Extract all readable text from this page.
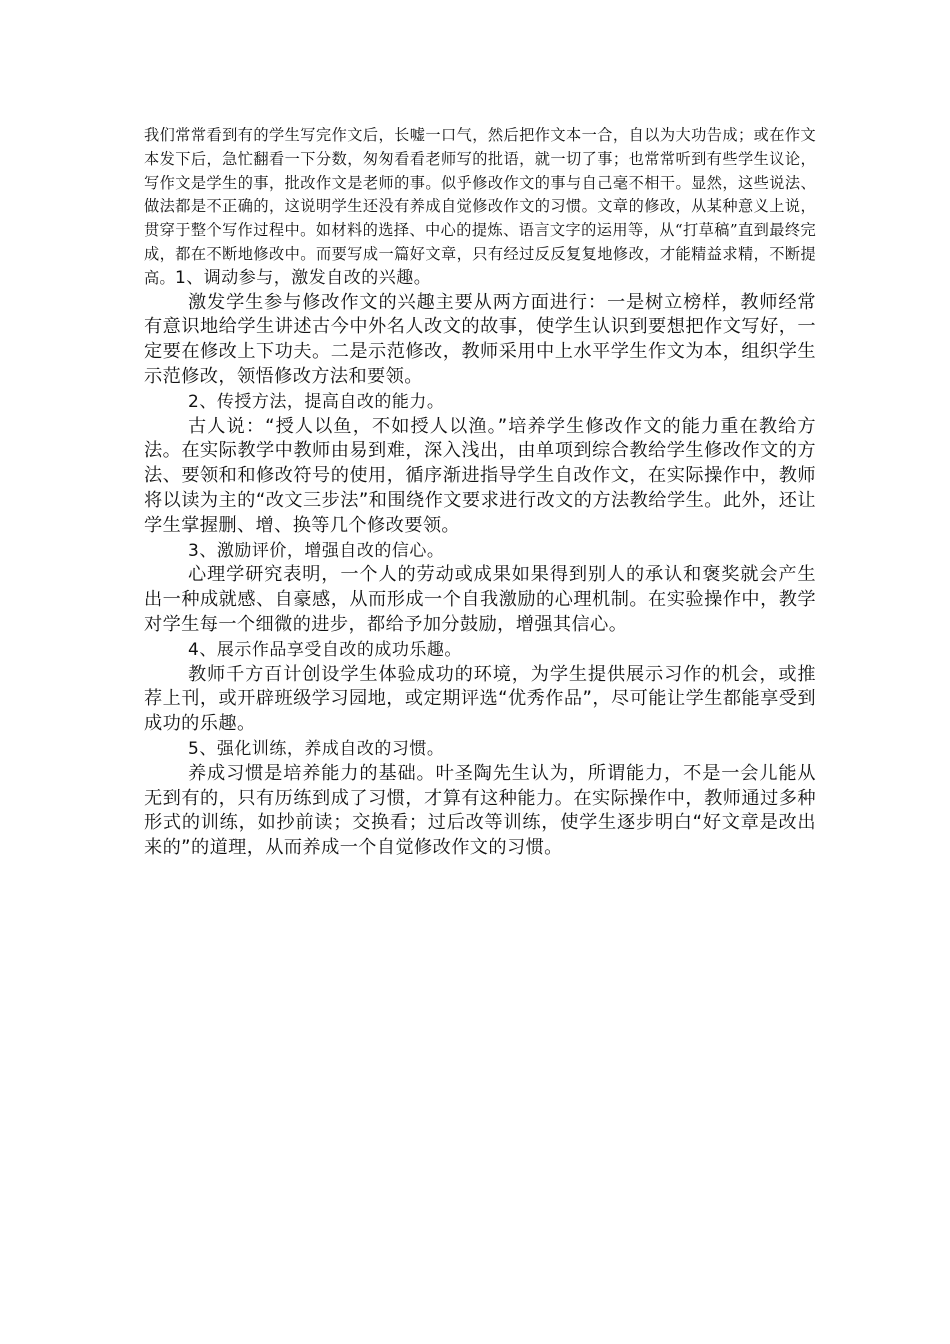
我们常常看到有的学生写完作文后，长嘘一口气，然后把作文本一合，自以为大功告成；或在作文本发下后，急忙翻看一下分数，匆匆看看老师写的批语，就一切了事；也常常听到有些学生议论，写作文是学生的事，批改作文是老师的事。似乎修改作文的事与自己毫不相干。显然，这些说法、做法都是不正确的，这说明学生还没有养成自觉修改作文的习惯。文章的修改，从某种意义上说，贯穿于整个写作过程中。如材料的选择、中心的提炼、语言文字的运用等，从“打草稿”直到最终完成，都在不断地修改中。而要写成一篇好文章，只有经过反反复复地修改，才能精益求精，不断提高。1、调动参与，激发自改的兴趣。

激发学生参与修改作文的兴趣主要从两方面进行：一是树立榜样，教师经常有意识地给学生讲述古今中外名人改文的故事，使学生认识到要想把作文写好，一定要在修改上下功夫。二是示范修改，教师采用中上水平学生作文为本，组织学生示范修改，领悟修改方法和要领。

2、传授方法，提高自改的能力。

古人说：“授人以鱼，不如授人以渔。”培养学生修改作文的能力重在教给方法。在实际教学中教师由易到难，深入浅出，由单项到综合教给学生修改作文的方法、要领和和修改符号的使用，循序渐进指导学生自改作文，在实际操作中，教师将以读为主的“改文三步法”和围绕作文要求进行改文的方法教给学生。此外，还让学生掌握删、增、换等几个修改要领。

3、激励评价，增强自改的信心。

心理学研究表明，一个人的劳动或成果如果得到别人的承认和褒奖就会产生出一种成就感、自豪感，从而形成一个自我激励的心理机制。在实验操作中，教学对学生每一个细微的进步，都给予加分鼓励，增强其信心。

4、展示作品享受自改的成功乐趣。

教师千方百计创设学生体验成功的环境，为学生提供展示习作的机会，或推荐上刊，或开辟班级学习园地，或定期评选“优秀作品”，尽可能让学生都能享受到成功的乐趣。

5、强化训练，养成自改的习惯。

养成习惯是培养能力的基础。叶圣陶先生认为，所谓能力，不是一会儿能从无到有的，只有历练到成了习惯，才算有这种能力。在实际操作中，教师通过多种形式的训练，如抄前读；交换看；过后改等训练，使学生逐步明白“好文章是改出来的”的道理，从而养成一个自觉修改作文的习惯。
